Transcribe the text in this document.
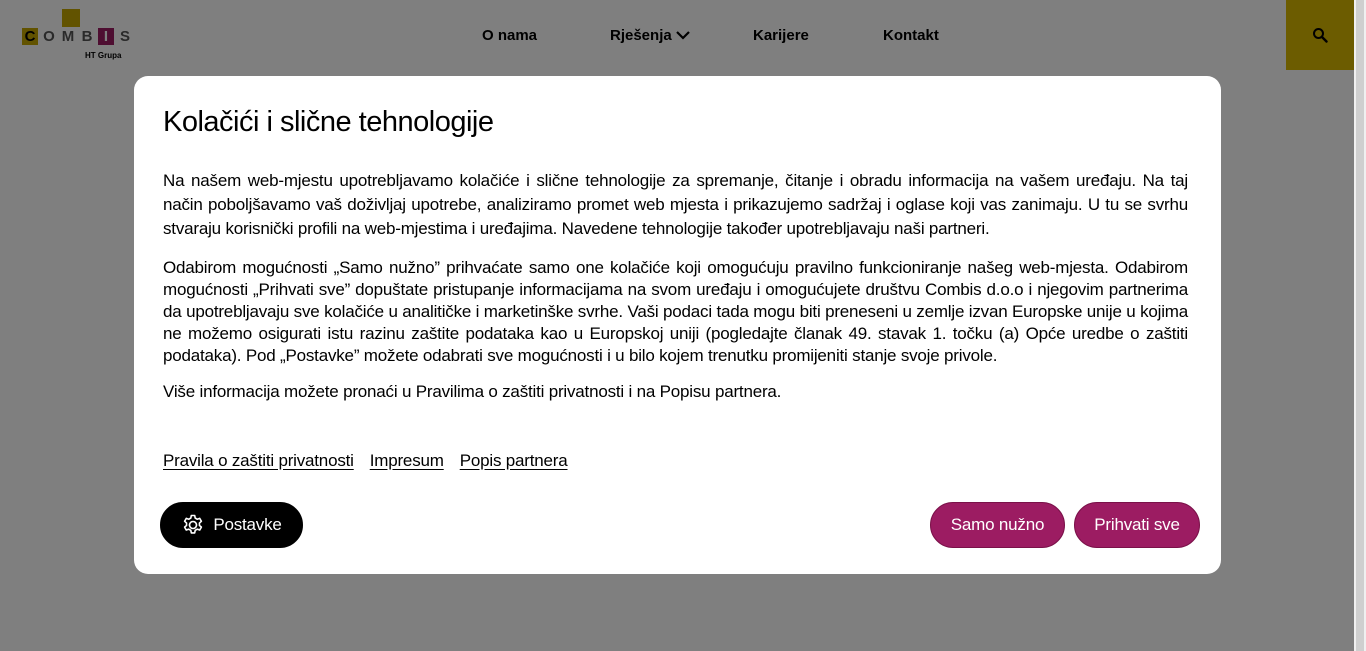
Kolačići i slične tehnologije

Na našem web-mjestu upotrebljavamo kolačiće i slične tehnologije za spremanje, čitanje i obradu informacija na vašem uređaju. Na taj način poboljšavamo vaš doživljaj upotrebe, analiziramo promet web mjesta i prikazujemo sadržaj i oglase koji vas zanimaju. U tu se svrhu stvaraju korisnički profili na web-mjestima i uređajima. Navedene tehnologije također upotrebljavaju naši partneri.

Odabirom mogućnosti „Samo nužno” prihvaćate samo one kolačiće koji omogućuju pravilno funkcioniranje našeg web-mjesta. Odabirom mogućnosti „Prihvati sve” dopuštate pristupanje informacijama na svom uređaju i omogućujete društvu Combis d.o.o i njegovim partnerima da upotrebljavaju sve kolačiće u analitičke i marketinške svrhe. Vaši podaci tada mogu biti preneseni u zemlje izvan Europske unije u kojima ne možemo osigurati istu razinu zaštite podataka kao u Europskoj uniji (pogledajte članak 49. stavak 1. točku (a) Opće uredbe o zaštiti podataka). Pod „Postavke” možete odabrati sve mogućnosti i u bilo kojem trenutku promijeniti stanje svoje privole.

Više informacija možete pronaći u Pravilima o zaštiti privatnosti i na Popisu partnera.

Pravila o zaštiti privatnosti Impresum Popis partnera
Postavke	Samo nužno	Prihvati sve
